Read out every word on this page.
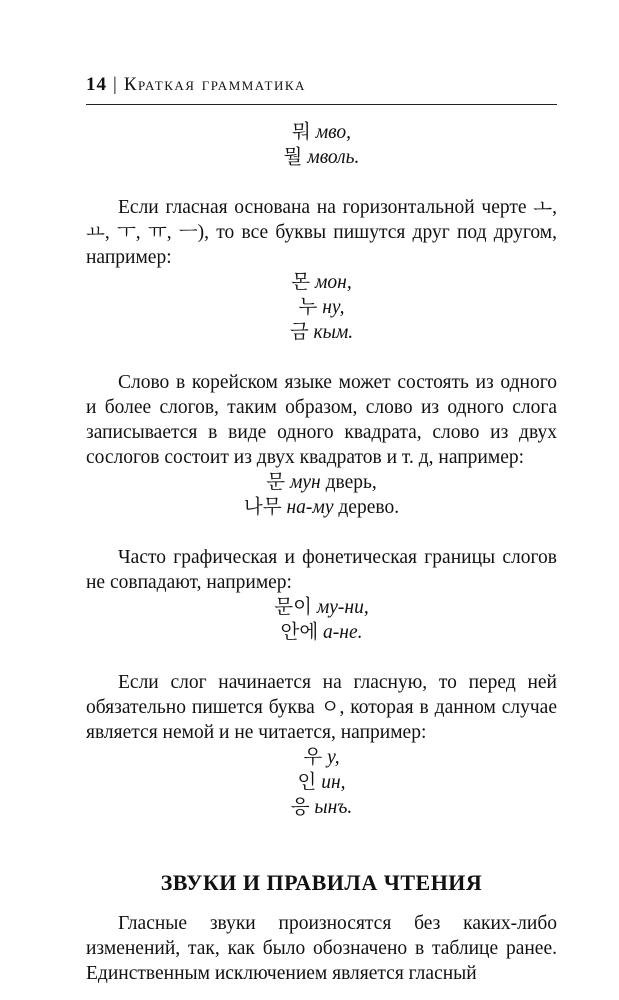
14 | Краткая грамматика
뭐 мво,
뭘 мволь.

Если гласная основана на горизонтальной черте ㅗ, ㅛ, ㅜ, ㅠ, ㅡ), то все буквы пишутся друг под другом, например:

몬 мон,
누 ну,
금 кым.

Слово в корейском языке может состоять из одного и более слогов, таким образом, слово из одного слога записывается в виде одного квадрата, слово из двух сослогов состоит из двух квадратов и т. д, например:

문 мун дверь,
나무 на-му дерево.

Часто графическая и фонетическая границы слогов не совпадают, например:

문이 му-ни,
안에 а-не.

Если слог начинается на гласную, то перед ней обязательно пишется буква ㅇ, которая в данном случае является немой и не читается, например:

우 у,
인 ин,
응 ынъ.
ЗВУКИ И ПРАВИЛА ЧТЕНИЯ

Гласные звуки произносятся без каких-либо изменений, так, как было обозначено в таблице ранее. Единственным исключением является гласный
